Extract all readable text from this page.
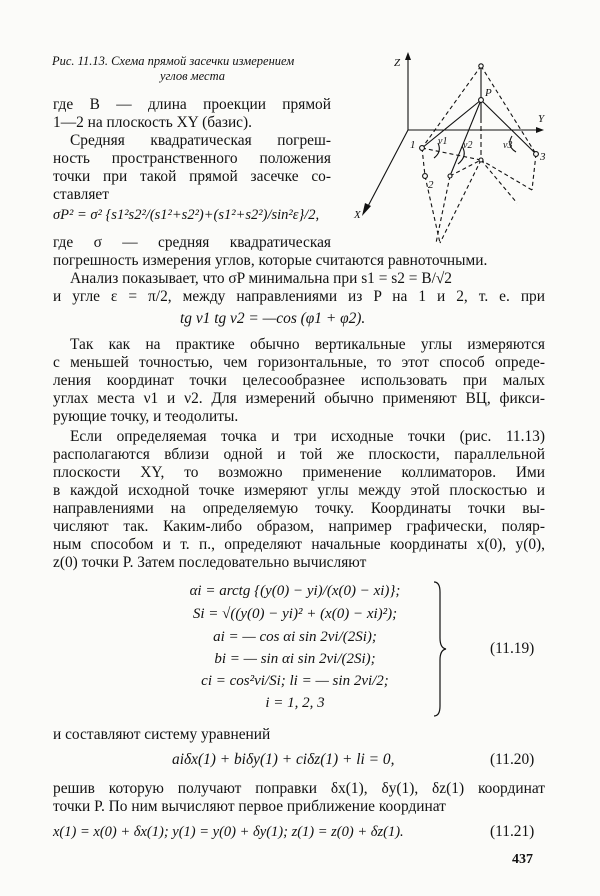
Рис. 11.13. Схема прямой засечки измерением
углов места
Z
Y
X
P
1
2
3
ν1 ν2	ν3
где B — длина проекции прямой
1—2 на плоскость XY (базис).
Средняя квадратическая погреш-
ность пространственного положения
точки при такой прямой засечке со-
ставляет
σP² = σ² {s1²s2²/(s1²+s2²)+(s1²+s2²)/sin²ε}/2,
где σ — средняя квадратическая
погрешность измерения углов, которые считаются равноточными.
Анализ показывает, что σP минимальна при s1 = s2 = B/√2
и угле ε = π/2, между направлениями из P на 1 и 2, т. е. при
tg ν1 tg ν2 = —cos (φ1 + φ2).
Так как на практике обычно вертикальные углы измеряются
с меньшей точностью, чем горизонтальные, то этот способ опреде-
ления координат точки целесообразнее использовать при малых
углах места ν1 и ν2. Для измерений обычно применяют ВЦ, фикси-
рующие точку, и теодолиты.
Если определяемая точка и три исходные точки (рис. 11.13)
располагаются вблизи одной и той же плоскости, параллельной
плоскости XY, то возможно применение коллиматоров. Ими
в каждой исходной точке измеряют углы между этой плоскостью и
направлениями на определяемую точку. Координаты точки вы-
числяют так. Каким-либо образом, например графически, поляр-
ным способом и т. п., определяют начальные координаты x(0), y(0),
z(0) точки P. Затем последовательно вычисляют
αi = arctg {(y(0) − yi)/(x(0) − xi)};
Si = √((y(0) − yi)² + (x(0) − xi)²);
ai = — cos αi sin 2νi/(2Si);
bi = — sin αi sin 2νi/(2Si);
ci = cos²νi/Si; li = — sin 2νi/2;
i = 1, 2, 3
(11.19)
и составляют систему уравнений
aiδx(1) + biδy(1) + ciδz(1) + li = 0,	(11.20)
решив которую получают поправки δx(1), δy(1), δz(1) координат
точки P. По ним вычисляют первое приближение координат
x(1) = x(0) + δx(1); y(1) = y(0) + δy(1); z(1) = z(0) + δz(1).	(11.21)
437
